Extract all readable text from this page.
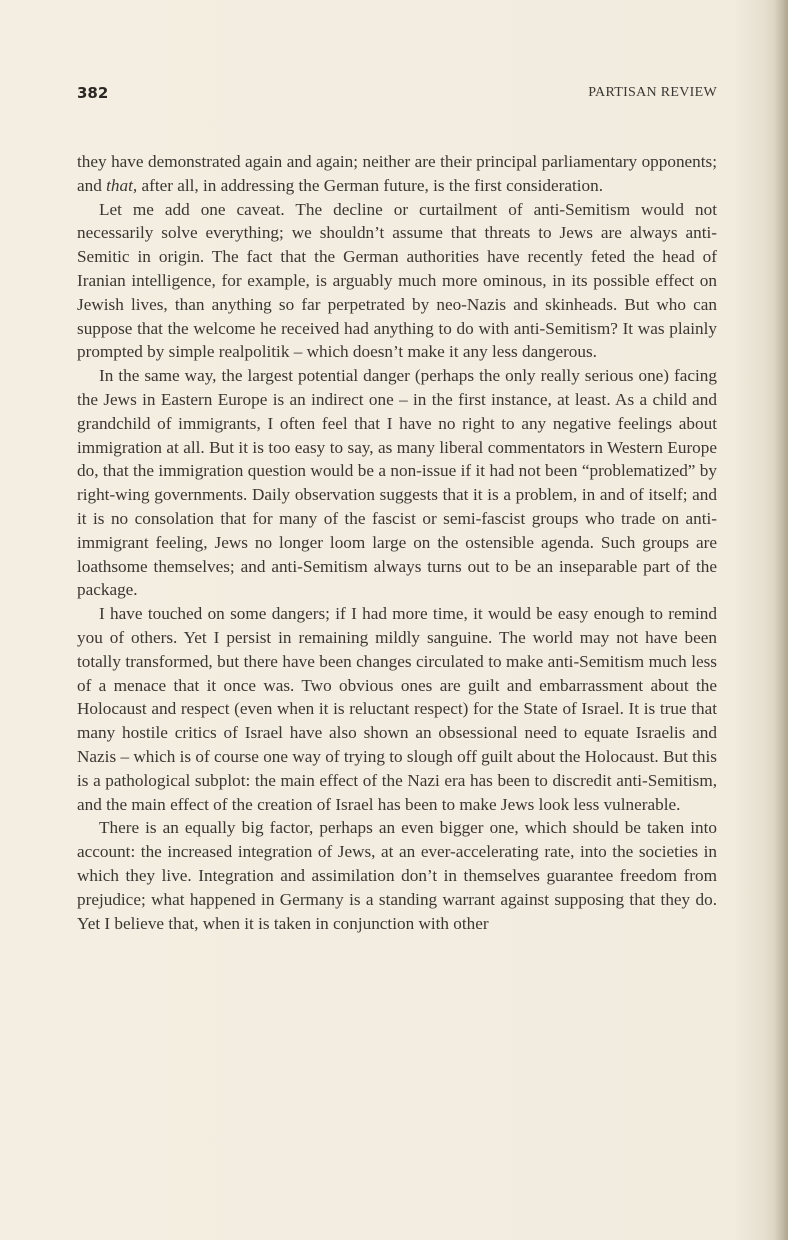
382	PARTISAN REVIEW

they have demonstrated again and again; neither are their principal parliamentary opponents; and that, after all, in addressing the German future, is the first consideration.

Let me add one caveat. The decline or curtailment of anti-Semitism would not necessarily solve everything; we shouldn’t assume that threats to Jews are always anti-Semitic in origin. The fact that the German authorities have recently feted the head of Iranian intelligence, for example, is arguably much more ominous, in its possible effect on Jewish lives, than anything so far perpetrated by neo-Nazis and skinheads. But who can suppose that the welcome he received had anything to do with anti-Semitism? It was plainly prompted by simple realpolitik – which doesn’t make it any less dangerous.

In the same way, the largest potential danger (perhaps the only really serious one) facing the Jews in Eastern Europe is an indirect one – in the first instance, at least. As a child and grandchild of immigrants, I often feel that I have no right to any negative feelings about immigration at all. But it is too easy to say, as many liberal commentators in Western Europe do, that the immigration question would be a non-issue if it had not been “problematized” by right-wing governments. Daily observation suggests that it is a problem, in and of itself; and it is no consolation that for many of the fascist or semi-fascist groups who trade on anti-immigrant feeling, Jews no longer loom large on the ostensible agenda. Such groups are loathsome themselves; and anti-Semitism always turns out to be an inseparable part of the package.

I have touched on some dangers; if I had more time, it would be easy enough to remind you of others. Yet I persist in remaining mildly sanguine. The world may not have been totally transformed, but there have been changes circulated to make anti-Semitism much less of a menace that it once was. Two obvious ones are guilt and embarrassment about the Holocaust and respect (even when it is reluctant respect) for the State of Israel. It is true that many hostile critics of Israel have also shown an obsessional need to equate Israelis and Nazis – which is of course one way of trying to slough off guilt about the Holocaust. But this is a pathological subplot: the main effect of the Nazi era has been to discredit anti-Semitism, and the main effect of the creation of Israel has been to make Jews look less vulnerable.

There is an equally big factor, perhaps an even bigger one, which should be taken into account: the increased integration of Jews, at an ever-accelerating rate, into the societies in which they live. Integration and assimilation don’t in themselves guarantee freedom from prejudice; what happened in Germany is a standing warrant against supposing that they do. Yet I believe that, when it is taken in conjunction with other
